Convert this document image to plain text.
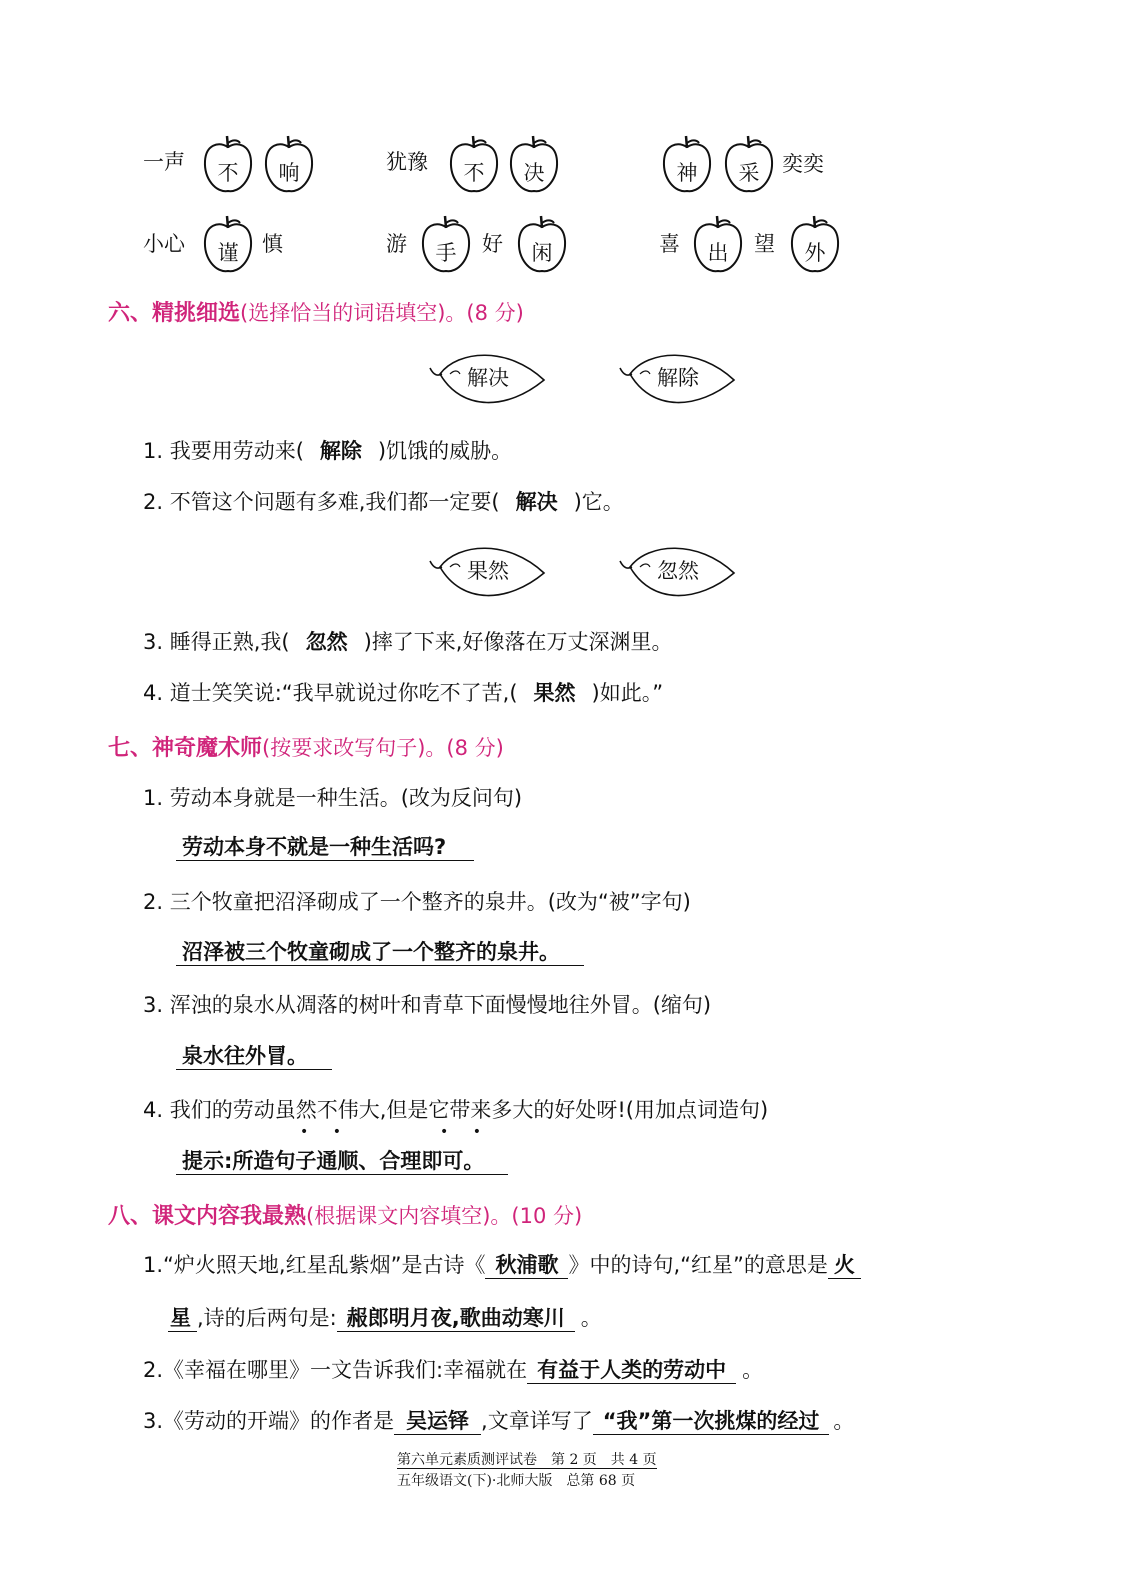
一声	不	响	犹豫	不	决	神	采	奕奕
小心	谨	慎	游	手	好	闲	喜	出	望	外
六、精挑细选(选择恰当的词语填空)。(8 分)
解决	解除
1. 我要用劳动来( 解除 )饥饿的威胁。
2. 不管这个问题有多难,我们都一定要( 解决 )它。
果然	忽然
3. 睡得正熟,我( 忽然 )摔了下来,好像落在万丈深渊里。
4. 道士笑笑说:“我早就说过你吃不了苦,( 果然 )如此。”
七、神奇魔术师(按要求改写句子)。(8 分)
1. 劳动本身就是一种生活。(改为反问句)
劳动本身不就是一种生活吗?
2. 三个牧童把沼泽砌成了一个整齐的泉井。(改为“被”字句)
沼泽被三个牧童砌成了一个整齐的泉井。
3. 浑浊的泉水从凋落的树叶和青草下面慢慢地往外冒。(缩句)
泉水往外冒。
4. 我们的劳动虽然不伟大,但是它带来多大的好处呀!(用加点词造句)
• •	• •
提示:所造句子通顺、合理即可。
八、课文内容我最熟(根据课文内容填空)。(10 分)
1.“炉火照天地,红星乱紫烟”是古诗《 秋浦歌 》中的诗句,“红星”的意思是 火
星 ,诗的后两句是: 赧郎明月夜,歌曲动寒川 。
2.《幸福在哪里》一文告诉我们:幸福就在 有益于人类的劳动中 。
3.《劳动的开端》的作者是 吴运铎 ,文章详写了 “我”第一次挑煤的经过 。
第六单元素质测评试卷　第 2 页　共 4 页
五年级语文(下)·北师大版　总第 68 页
